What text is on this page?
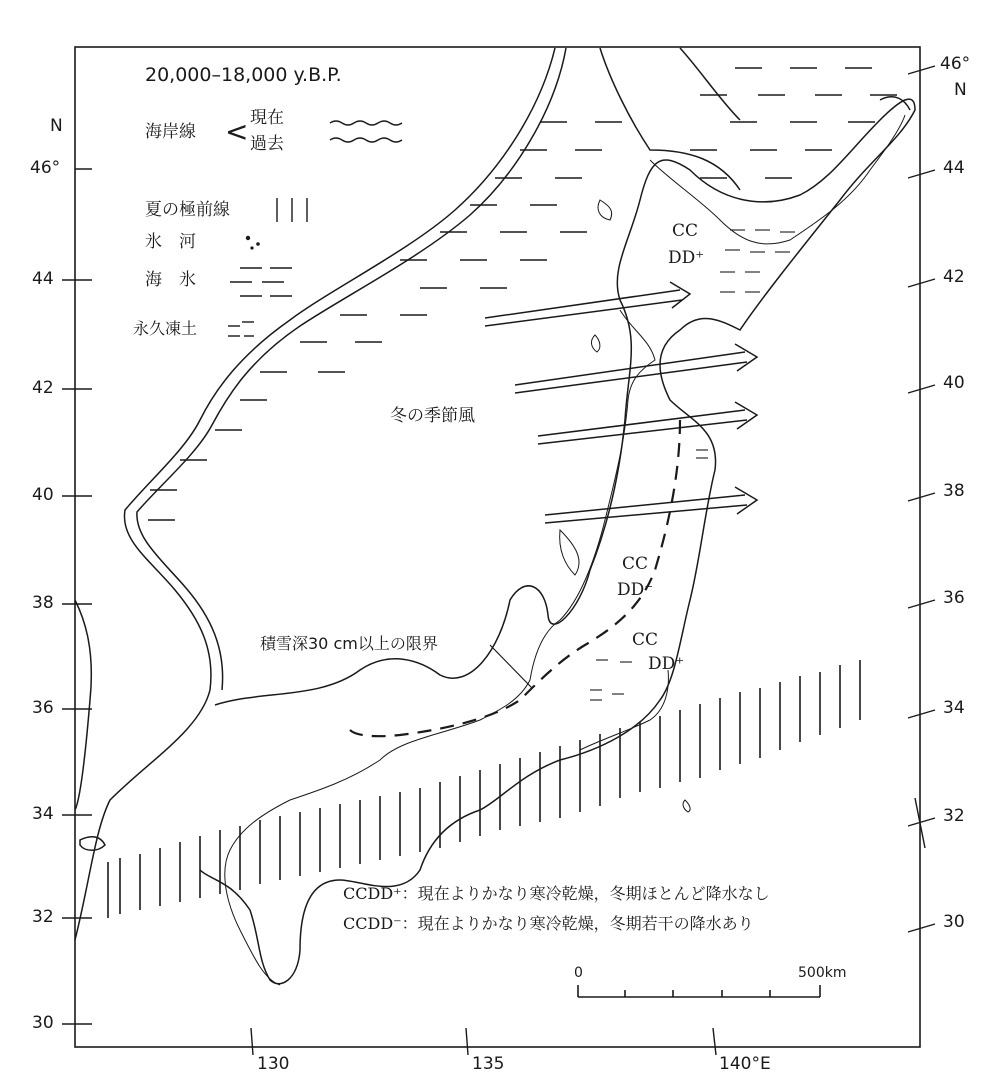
20,000–18,000 y.B.P.
海岸線 < 現在
過去
夏の極前線
氷　河
海　氷
永久凍土
冬の季節風
積雪深30 cm以上の限界
CC
DD⁺
CC
DD⁻
CC
DD⁺
CCDD⁺：現在よりかなり寒冷乾燥，冬期ほとんど降水なし
CCDD⁻：現在よりかなり寒冷乾燥，冬期若干の降水あり
0	500km
N
46°
44
42
40
38
36
34
32
30
46°
N
44
42
40
38
36
34
32
30
130	135	140°E
